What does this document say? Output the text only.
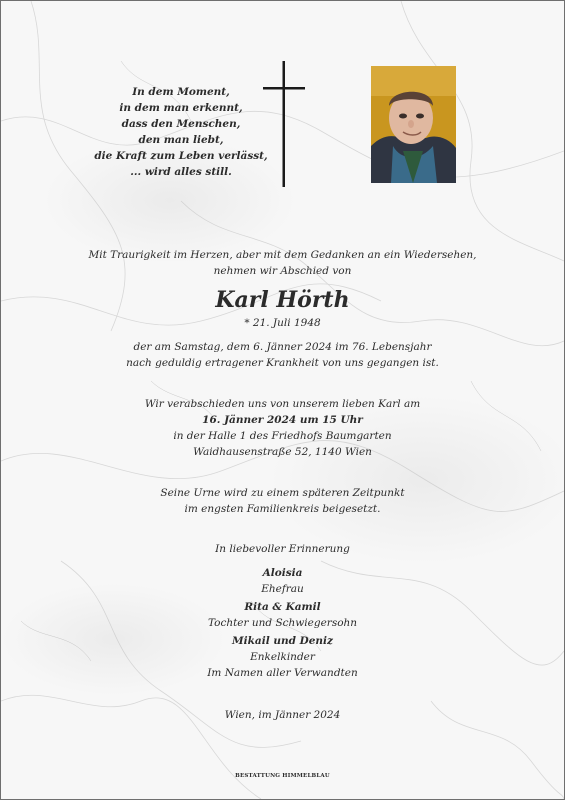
In dem Moment,
in dem man erkennt,
dass den Menschen,
den man liebt,
die Kraft zum Leben verlässt,
... wird alles still.
Mit Traurigkeit im Herzen, aber mit dem Gedanken an ein Wiedersehen,
nehmen wir Abschied von
Karl Hörth
* 21. Juli 1948
der am Samstag, dem 6. Jänner 2024 im 76. Lebensjahr
nach geduldig ertragener Krankheit von uns gegangen ist.
Wir verabschieden uns von unserem lieben Karl am
16. Jänner 2024 um 15 Uhr
in der Halle 1 des Friedhofs Baumgarten
Waidhausenstraße 52, 1140 Wien
Seine Urne wird zu einem späteren Zeitpunkt
im engsten Familienkreis beigesetzt.
In liebevoller Erinnerung
Aloisia
Ehefrau
Rita & Kamil
Tochter und Schwiegersohn
Mikail und Deniz
Enkelkinder
Im Namen aller Verwandten
Wien, im Jänner 2024
BESTATTUNG HIMMELBLAU
